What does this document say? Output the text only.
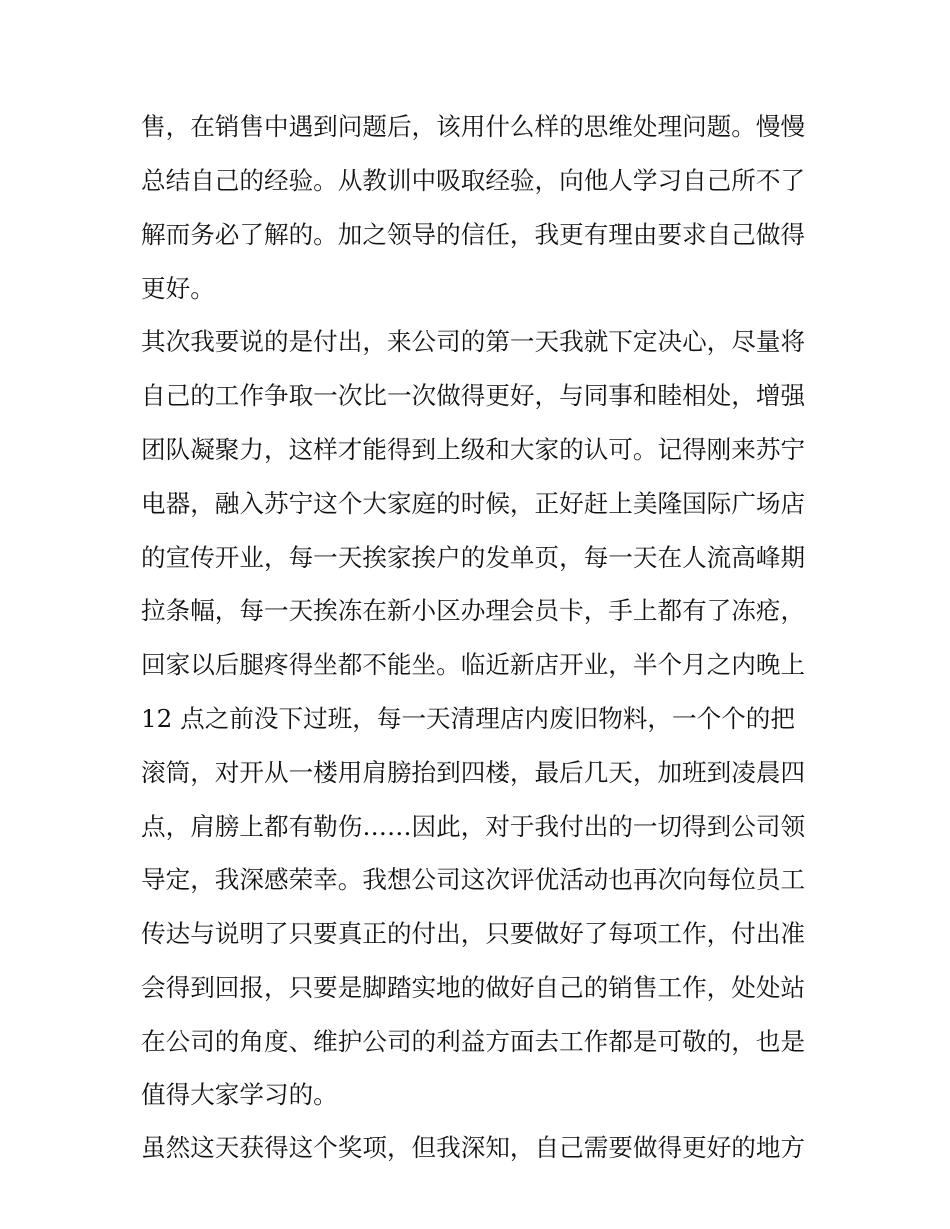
售，在销售中遇到问题后，该用什么样的思维处理问题。慢慢
总结自己的经验。从教训中吸取经验，向他人学习自己所不了
解而务必了解的。加之领导的信任，我更有理由要求自己做得
更好。
其次我要说的是付出，来公司的第一天我就下定决心，尽量将
自己的工作争取一次比一次做得更好，与同事和睦相处，增强
团队凝聚力，这样才能得到上级和大家的认可。记得刚来苏宁
电器，融入苏宁这个大家庭的时候，正好赶上美隆国际广场店
的宣传开业，每一天挨家挨户的发单页，每一天在人流高峰期
拉条幅，每一天挨冻在新小区办理会员卡，手上都有了冻疮，
回家以后腿疼得坐都不能坐。临近新店开业，半个月之内晚上
12 点之前没下过班，每一天清理店内废旧物料，一个个的把
滚筒，对开从一楼用肩膀抬到四楼，最后几天，加班到凌晨四
点，肩膀上都有勒伤……因此，对于我付出的一切得到公司领
导定，我深感荣幸。我想公司这次评优活动也再次向每位员工
传达与说明了只要真正的付出，只要做好了每项工作，付出准
会得到回报，只要是脚踏实地的做好自己的销售工作，处处站
在公司的角度、维护公司的利益方面去工作都是可敬的，也是
值得大家学习的。
虽然这天获得这个奖项，但我深知，自己需要做得更好的地方
